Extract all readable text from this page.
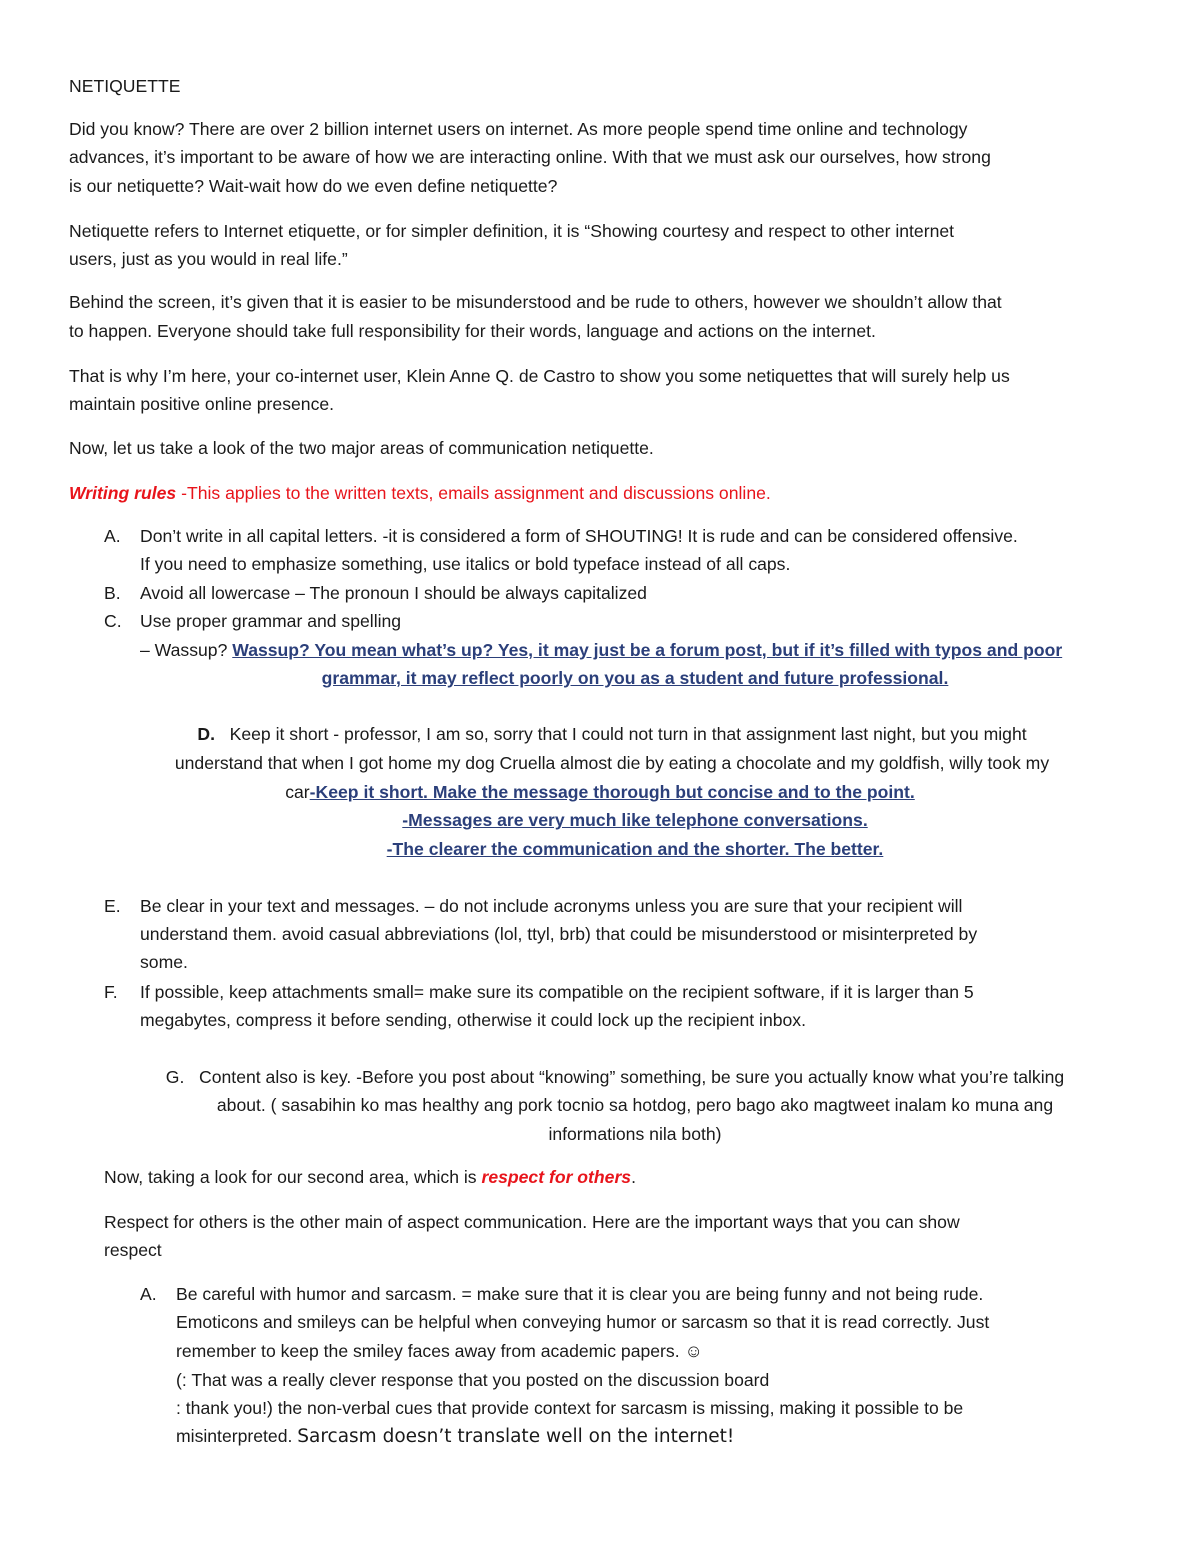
NETIQUETTE
Did you know? There are over 2 billion internet users on internet. As more people spend time online and technology
advances, it’s important to be aware of how we are interacting online. With that we must ask our ourselves, how strong
is our netiquette? Wait-wait how do we even define netiquette?
Netiquette refers to Internet etiquette, or for simpler definition, it is “Showing courtesy and respect to other internet
users, just as you would in real life.”
Behind the screen, it’s given that it is easier to be misunderstood and be rude to others, however we shouldn’t allow that
to happen. Everyone should take full responsibility for their words, language and actions on the internet.
That is why I’m here, your co-internet user, Klein Anne Q. de Castro to show you some netiquettes that will surely help us
maintain positive online presence.
Now, let us take a look of the two major areas of communication netiquette.
Writing rules -This applies to the written texts, emails assignment and discussions online.
A. Don’t write in all capital letters. -it is considered a form of SHOUTING! It is rude and can be considered offensive.
If you need to emphasize something, use italics or bold typeface instead of all caps.
B. Avoid all lowercase – The pronoun I should be always capitalized
C. Use proper grammar and spelling
– Wassup? Wassup? You mean what’s up? Yes, it may just be a forum post, but if it’s filled with typos and poor
grammar, it may reflect poorly on you as a student and future professional.
D. Keep it short - professor, I am so, sorry that I could not turn in that assignment last night, but you might
understand that when I got home my dog Cruella almost die by eating a chocolate and my goldfish, willy took my
car-Keep it short. Make the message thorough but concise and to the point.
-Messages are very much like telephone conversations.
-The clearer the communication and the shorter. The better.
E. Be clear in your text and messages. – do not include acronyms unless you are sure that your recipient will
understand them. avoid casual abbreviations (lol, ttyl, brb) that could be misunderstood or misinterpreted by
some.
F. If possible, keep attachments small= make sure its compatible on the recipient software, if it is larger than 5
megabytes, compress it before sending, otherwise it could lock up the recipient inbox.
G. Content also is key. -Before you post about “knowing” something, be sure you actually know what you’re talking
about. ( sasabihin ko mas healthy ang pork tocnio sa hotdog, pero bago ako magtweet inalam ko muna ang
informations nila both)
Now, taking a look for our second area, which is respect for others.
Respect for others is the other main of aspect communication. Here are the important ways that you can show
respect
A. Be careful with humor and sarcasm. = make sure that it is clear you are being funny and not being rude.
Emoticons and smileys can be helpful when conveying humor or sarcasm so that it is read correctly. Just
remember to keep the smiley faces away from academic papers. ☺
(: That was a really clever response that you posted on the discussion board
: thank you!) the non-verbal cues that provide context for sarcasm is missing, making it possible to be
misinterpreted. Sarcasm doesn’t translate well on the internet!
